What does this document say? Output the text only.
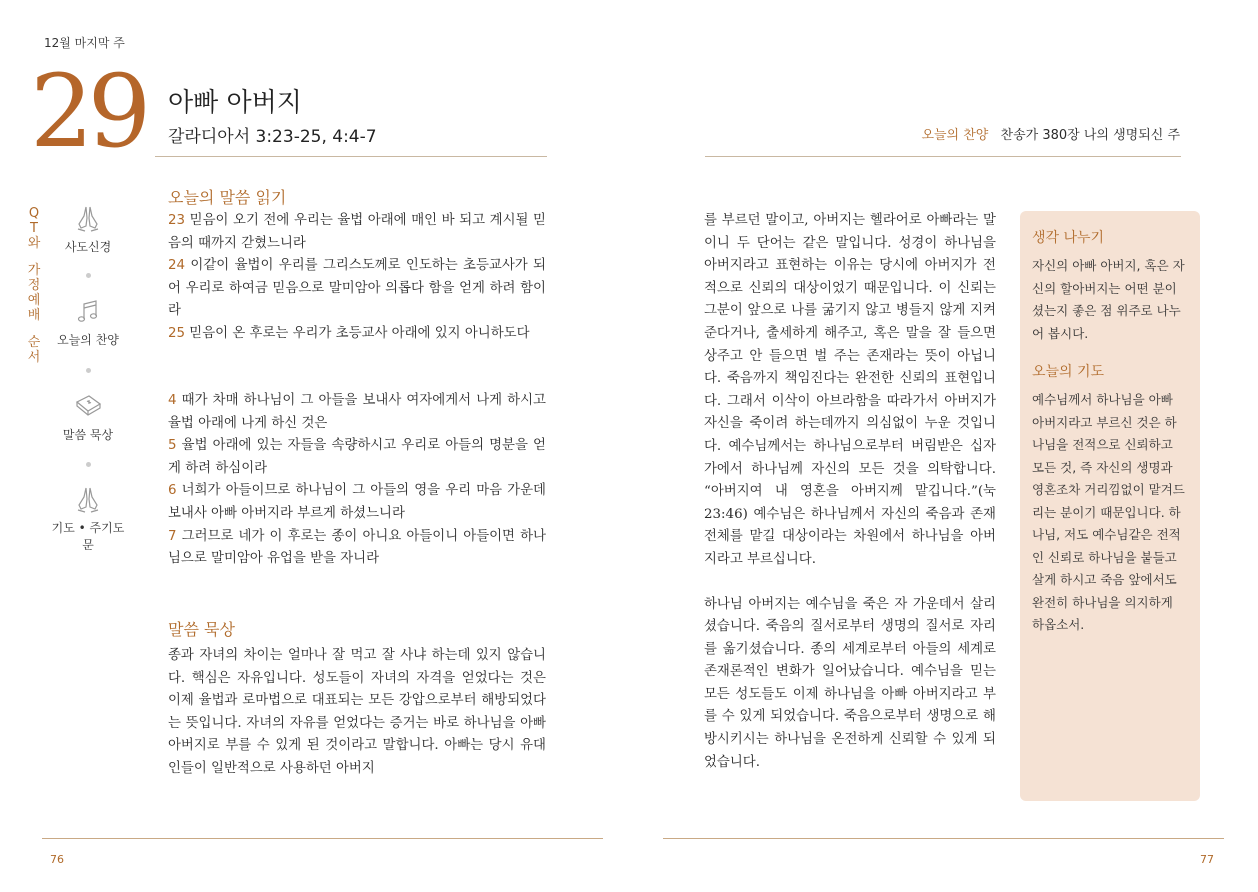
12월 마지막 주
29 아빠 아버지
갈라디아서 3:23-25, 4:4-7	오늘의 찬양 찬송가 380장 나의 생명되신 주
Q
T
와
가
정
예
배
순
서
사도신경
오늘의 찬양
말씀 묵상
기도 • 주기도문
오늘의 말씀 읽기
23 믿음이 오기 전에 우리는 율법 아래에 매인 바 되고 계시될 믿음의 때까지 갇혔느니라
24 이같이 율법이 우리를 그리스도께로 인도하는 초등교사가 되어 우리로 하여금 믿음으로 말미암아 의롭다 함을 얻게 하려 함이라
25 믿음이 온 후로는 우리가 초등교사 아래에 있지 아니하도다
4 때가 차매 하나님이 그 아들을 보내사 여자에게서 나게 하시고 율법 아래에 나게 하신 것은
5 율법 아래에 있는 자들을 속량하시고 우리로 아들의 명분을 얻게 하려 하심이라
6 너희가 아들이므로 하나님이 그 아들의 영을 우리 마음 가운데 보내사 아빠 아버지라 부르게 하셨느니라
7 그러므로 네가 이 후로는 종이 아니요 아들이니 아들이면 하나님으로 말미암아 유업을 받을 자니라
말씀 묵상
종과 자녀의 차이는 얼마나 잘 먹고 잘 사냐 하는데 있지 않습니다. 핵심은 자유입니다. 성도들이 자녀의 자격을 얻었다는 것은 이제 율법과 로마법으로 대표되는 모든 강압으로부터 해방되었다는 뜻입니다. 자녀의 자유를 얻었다는 증거는 바로 하나님을 아빠 아버지로 부를 수 있게 된 것이라고 말합니다. 아빠는 당시 유대인들이 일반적으로 사용하던 아버지

를 부르던 말이고, 아버지는 헬라어로 아빠라는 말이니 두 단어는 같은 말입니다. 성경이 하나님을 아버지라고 표현하는 이유는 당시에 아버지가 전적으로 신뢰의 대상이었기 때문입니다. 이 신뢰는 그분이 앞으로 나를 굶기지 않고 병들지 않게 지켜준다거나, 출세하게 해주고, 혹은 말을 잘 들으면 상주고 안 들으면 벌 주는 존재라는 뜻이 아닙니다. 죽음까지 책임진다는 완전한 신뢰의 표현입니다. 그래서 이삭이 아브라함을 따라가서 아버지가 자신을 죽이려 하는데까지 의심없이 누운 것입니다. 예수님께서는 하나님으로부터 버림받은 십자가에서 하나님께 자신의 모든 것을 의탁합니다. “아버지여 내 영혼을 아버지께 맡깁니다.”(눅 23:46) 예수님은 하나님께서 자신의 죽음과 존재 전체를 맡길 대상이라는 차원에서 하나님을 아버지라고 부르십니다.

하나님 아버지는 예수님을 죽은 자 가운데서 살리셨습니다. 죽음의 질서로부터 생명의 질서로 자리를 옮기셨습니다. 종의 세계로부터 아들의 세계로 존재론적인 변화가 일어났습니다. 예수님을 믿는 모든 성도들도 이제 하나님을 아빠 아버지라고 부를 수 있게 되었습니다. 죽음으로부터 생명으로 해방시키시는 하나님을 온전하게 신뢰할 수 있게 되었습니다.

생각 나누기

자신의 아빠 아버지, 혹은 자신의 할아버지는 어떤 분이셨는지 좋은 점 위주로 나누어 봅시다.

오늘의 기도

예수님께서 하나님을 아빠 아버지라고 부르신 것은 하나님을 전적으로 신뢰하고 모든 것, 즉 자신의 생명과 영혼조차 거리낌없이 맡겨드리는 분이기 때문입니다. 하나님, 저도 예수님같은 전적인 신뢰로 하나님을 붙들고 살게 하시고 죽음 앞에서도 완전히 하나님을 의지하게 하옵소서.

76	77
